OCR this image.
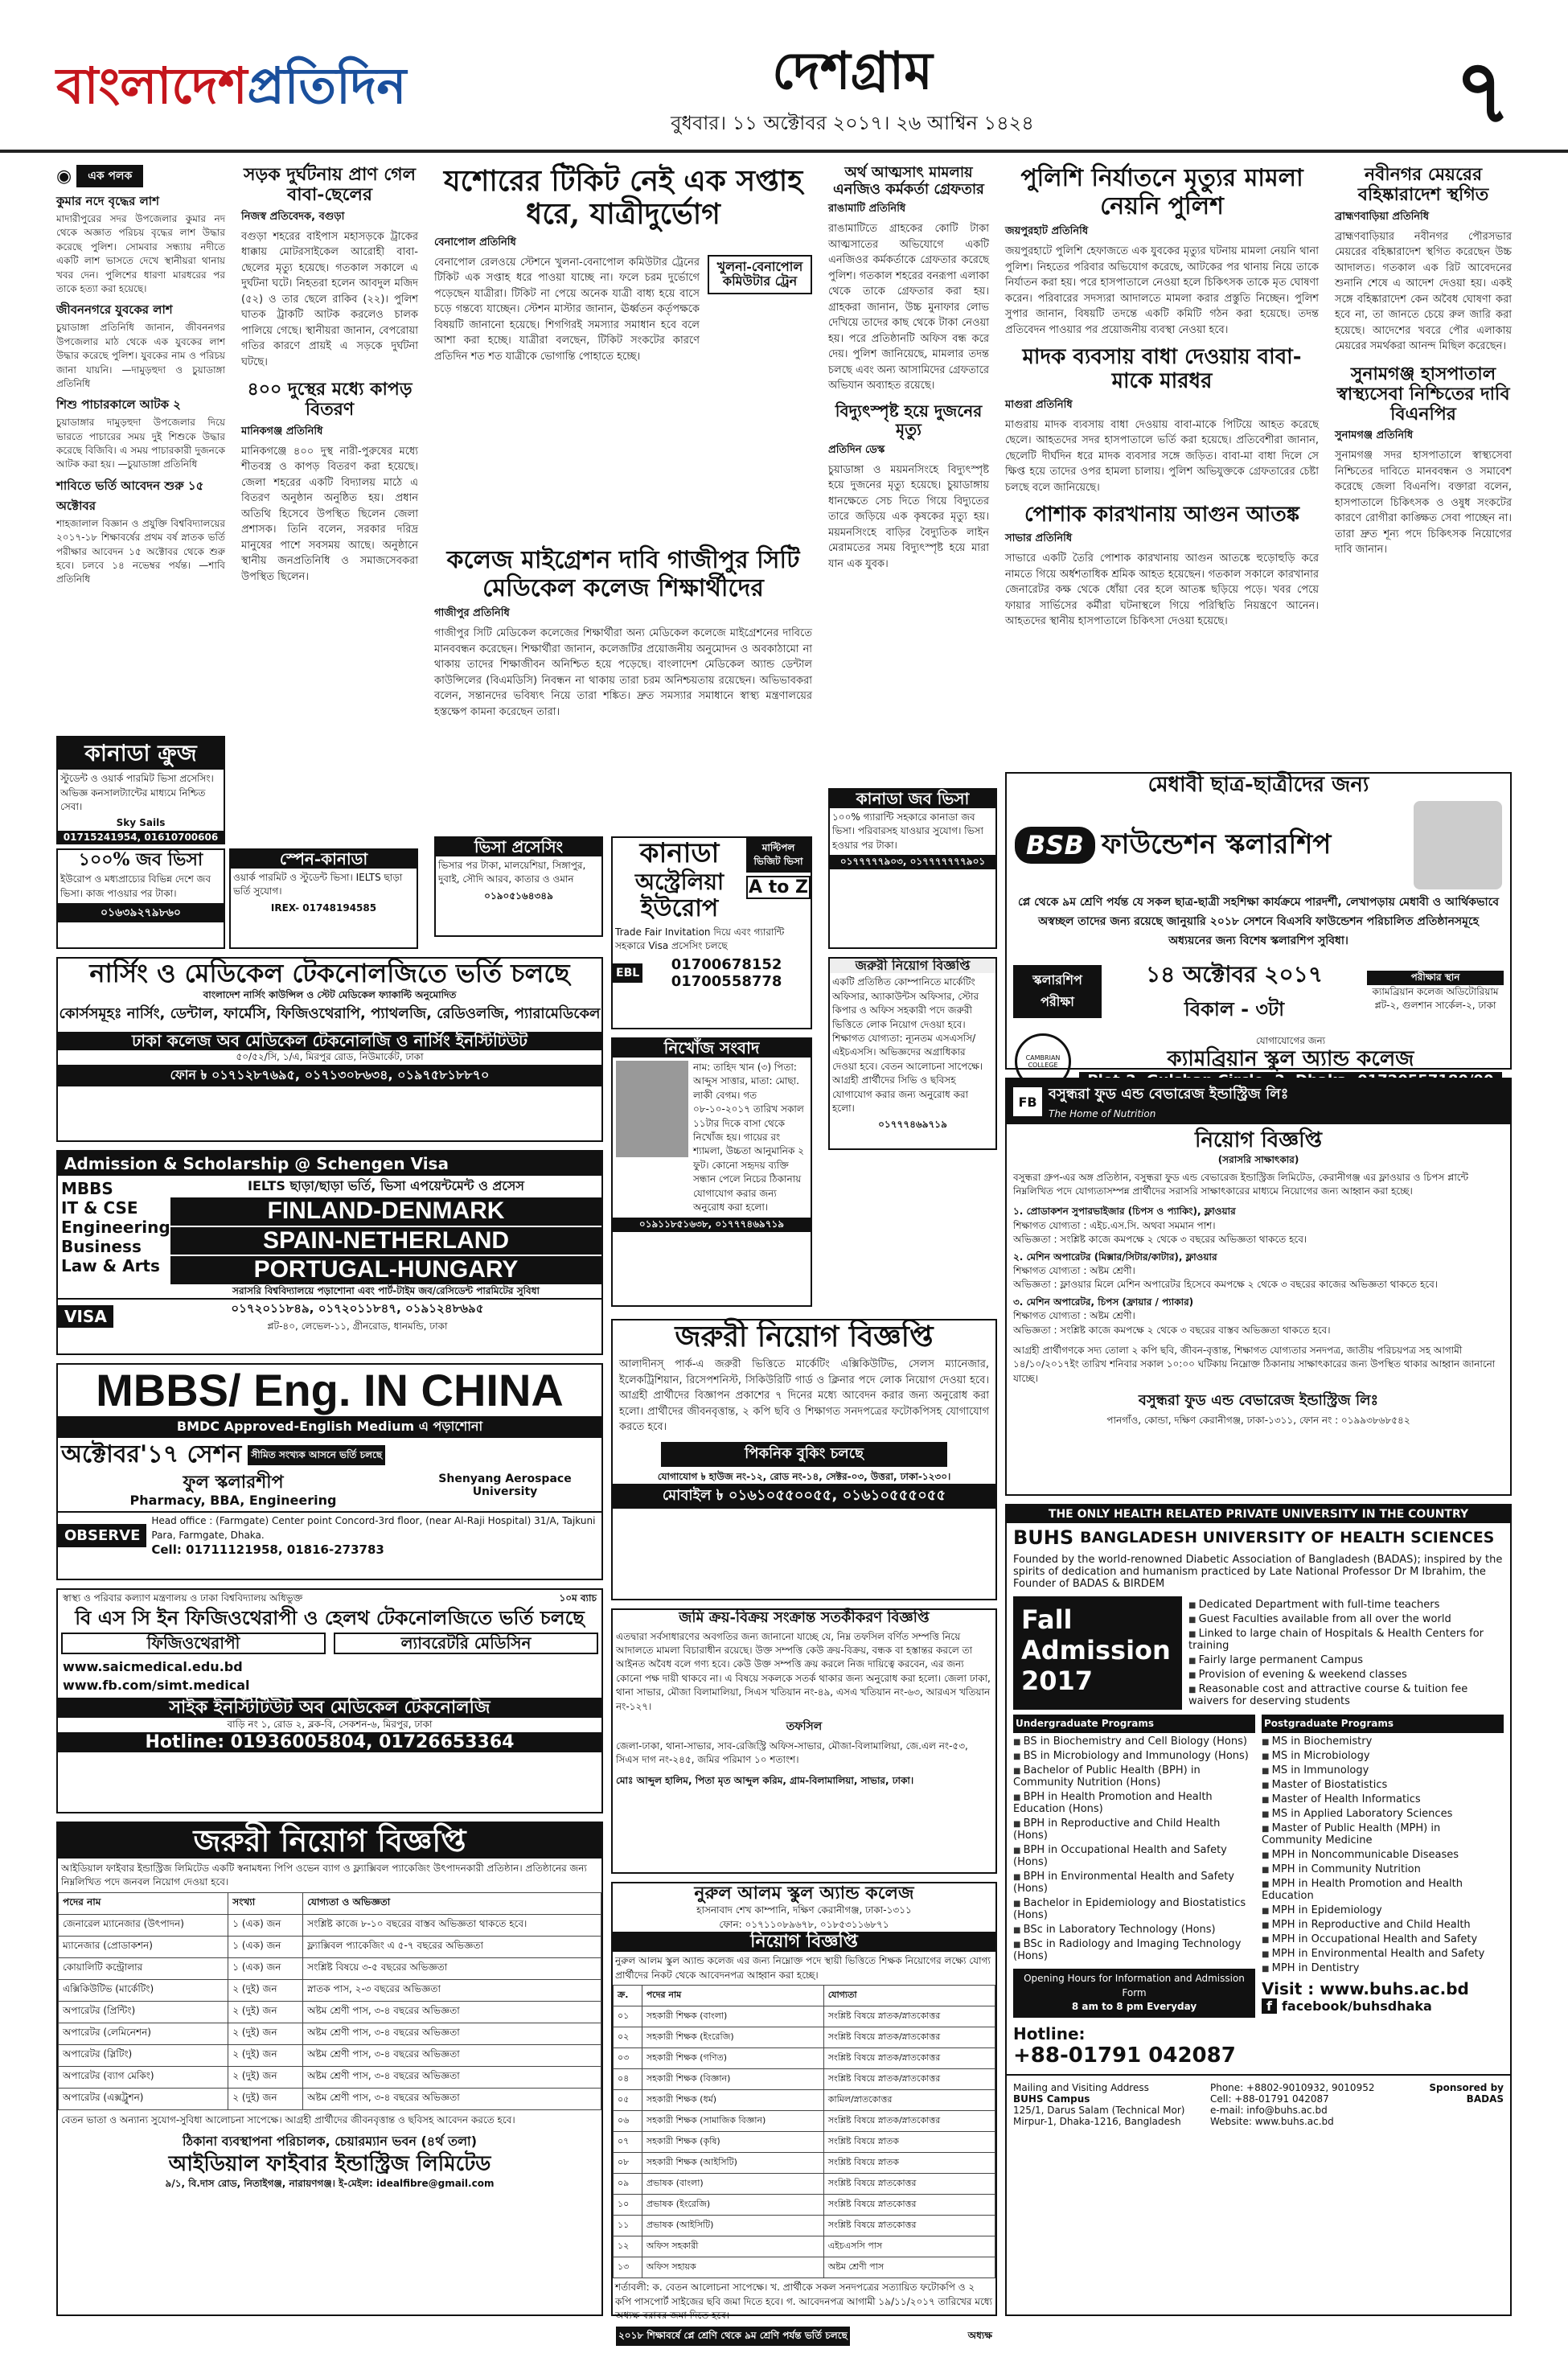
বাংলাদেশপ্রতিদিন	দেশগ্রাম
বুধবার। ১১ অক্টোবর ২০১৭। ২৬ আশ্বিন ১৪২৪	৭
◉	এক পলক
কুমার নদে বৃদ্ধের লাশ
মাদারীপুরের সদর উপজেলার কুমার নদ থেকে অজ্ঞাত পরিচয় বৃদ্ধের লাশ উদ্ধার করেছে পুলিশ। সোমবার সন্ধ্যায় নদীতে একটি লাশ ভাসতে দেখে স্থানীয়রা থানায় খবর দেন। পুলিশের ধারণা মারধরের পর তাকে হত্যা করা হয়েছে।
জীবননগরে যুবকের লাশ
চুয়াডাঙ্গা প্রতিনিধি জানান, জীবননগর উপজেলার মাঠ থেকে এক যুবকের লাশ উদ্ধার করেছে পুলিশ। যুবকের নাম ও পরিচয় জানা যায়নি। —দামুড়হুদা ও চুয়াডাঙ্গা প্রতিনিধি
শিশু পাচারকালে আটক ২
চুয়াডাঙ্গার দামুড়হুদা উপজেলার দিয়ে ভারতে পাচারের সময় দুই শিশুকে উদ্ধার করেছে বিজিবি। এ সময় পাচারকারী দুজনকে আটক করা হয়। —চুয়াডাঙ্গা প্রতিনিধি
শাবিতে ভর্তি আবেদন শুরু ১৫ অক্টোবর
শাহজালাল বিজ্ঞান ও প্রযুক্তি বিশ্ববিদ্যালয়ের ২০১৭-১৮ শিক্ষাবর্ষের প্রথম বর্ষ স্নাতক ভর্তি পরীক্ষার আবেদন ১৫ অক্টোবর থেকে শুরু হবে। চলবে ১৪ নভেম্বর পর্যন্ত। —শাবি প্রতিনিধি
সড়ক দুর্ঘটনায় প্রাণ গেল বাবা-ছেলের
নিজস্ব প্রতিবেদক, বগুড়া
বগুড়া শহরের বাইপাস মহাসড়কে ট্রাকের ধাক্কায় মোটরসাইকেল আরোহী বাবা-ছেলের মৃত্যু হয়েছে। গতকাল সকালে এ দুর্ঘটনা ঘটে। নিহতরা হলেন আবদুল মজিদ (৫২) ও তার ছেলে রাকিব (২২)। পুলিশ ঘাতক ট্রাকটি আটক করলেও চালক পালিয়ে গেছে। স্থানীয়রা জানান, বেপরোয়া গতির কারণে প্রায়ই এ সড়কে দুর্ঘটনা ঘটছে।
৪০০ দুস্থের মধ্যে কাপড় বিতরণ
মানিকগঞ্জ প্রতিনিধি
মানিকগঞ্জে ৪০০ দুস্থ নারী-পুরুষের মধ্যে শীতবস্ত্র ও কাপড় বিতরণ করা হয়েছে। জেলা শহরের একটি বিদ্যালয় মাঠে এ বিতরণ অনুষ্ঠান অনুষ্ঠিত হয়। প্রধান অতিথি হিসেবে উপস্থিত ছিলেন জেলা প্রশাসক। তিনি বলেন, সরকার দরিদ্র মানুষের পাশে সবসময় আছে। অনুষ্ঠানে স্থানীয় জনপ্রতিনিধি ও সমাজসেবকরা উপস্থিত ছিলেন।
যশোরের টিকিট নেই এক সপ্তাহ ধরে, যাত্রীদুর্ভোগ
বেনাপোল প্রতিনিধি
বেনাপোল রেলওয়ে স্টেশনে খুলনা-বেনাপোল কমিউটার ট্রেনের টিকিট এক সপ্তাহ ধরে পাওয়া যাচ্ছে না। ফলে চরম দুর্ভোগে পড়েছেন যাত্রীরা। টিকিট না পেয়ে অনেক যাত্রী বাধ্য হয়ে বাসে চড়ে গন্তব্যে যাচ্ছেন। স্টেশন মাস্টার জানান, ঊর্ধ্বতন কর্তৃপক্ষকে বিষয়টি জানানো হয়েছে। শিগগিরই সমস্যার সমাধান হবে বলে আশা করা হচ্ছে। যাত্রীরা বলছেন, টিকিট সংকটের কারণে প্রতিদিন শত শত যাত্রীকে ভোগান্তি পোহাতে হচ্ছে।
খুলনা-বেনাপোল কমিউটার ট্রেন
কলেজ মাইগ্রেশন দাবি গাজীপুর সিটি মেডিকেল কলেজ শিক্ষার্থীদের
গাজীপুর প্রতিনিধি
গাজীপুর সিটি মেডিকেল কলেজের শিক্ষার্থীরা অন্য মেডিকেল কলেজে মাইগ্রেশনের দাবিতে মানববন্ধন করেছেন। শিক্ষার্থীরা জানান, কলেজটির প্রয়োজনীয় অনুমোদন ও অবকাঠামো না থাকায় তাদের শিক্ষাজীবন অনিশ্চিত হয়ে পড়েছে। বাংলাদেশ মেডিকেল অ্যান্ড ডেন্টাল কাউন্সিলের (বিএমডিসি) নিবন্ধন না থাকায় তারা চরম অনিশ্চয়তায় রয়েছেন। অভিভাবকরা বলেন, সন্তানদের ভবিষ্যৎ নিয়ে তারা শঙ্কিত। দ্রুত সমস্যার সমাধানে স্বাস্থ্য মন্ত্রণালয়ের হস্তক্ষেপ কামনা করেছেন তারা।
অর্থ আত্মসাৎ মামলায় এনজিও কর্মকর্তা গ্রেফতার
রাঙামাটি প্রতিনিধি
রাঙামাটিতে গ্রাহকের কোটি টাকা আত্মসাতের অভিযোগে একটি এনজিওর কর্মকর্তাকে গ্রেফতার করেছে পুলিশ। গতকাল শহরের বনরূপা এলাকা থেকে তাকে গ্রেফতার করা হয়। গ্রাহকরা জানান, উচ্চ মুনাফার লোভ দেখিয়ে তাদের কাছ থেকে টাকা নেওয়া হয়। পরে প্রতিষ্ঠানটি অফিস বন্ধ করে দেয়। পুলিশ জানিয়েছে, মামলার তদন্ত চলছে এবং অন্য আসামিদের গ্রেফতারে অভিযান অব্যাহত রয়েছে।
বিদ্যুৎস্পৃষ্ট হয়ে দুজনের মৃত্যু
প্রতিদিন ডেস্ক
চুয়াডাঙ্গা ও ময়মনসিংহে বিদ্যুৎস্পৃষ্ট হয়ে দুজনের মৃত্যু হয়েছে। চুয়াডাঙ্গায় ধানক্ষেতে সেচ দিতে গিয়ে বিদ্যুতের তারে জড়িয়ে এক কৃষকের মৃত্যু হয়। ময়মনসিংহে বাড়ির বৈদ্যুতিক লাইন মেরামতের সময় বিদ্যুৎস্পৃষ্ট হয়ে মারা যান এক যুবক।
পুলিশি নির্যাতনে মৃত্যুর মামলা নেয়নি পুলিশ
জয়পুরহাট প্রতিনিধি
জয়পুরহাটে পুলিশি হেফাজতে এক যুবকের মৃত্যুর ঘটনায় মামলা নেয়নি থানা পুলিশ। নিহতের পরিবার অভিযোগ করেছে, আটকের পর থানায় নিয়ে তাকে নির্যাতন করা হয়। পরে হাসপাতালে নেওয়া হলে চিকিৎসক তাকে মৃত ঘোষণা করেন। পরিবারের সদস্যরা আদালতে মামলা করার প্রস্তুতি নিচ্ছেন। পুলিশ সুপার জানান, বিষয়টি তদন্তে একটি কমিটি গঠন করা হয়েছে। তদন্ত প্রতিবেদন পাওয়ার পর প্রয়োজনীয় ব্যবস্থা নেওয়া হবে।
মাদক ব্যবসায় বাধা দেওয়ায় বাবা-মাকে মারধর
মাগুরা প্রতিনিধি
মাগুরায় মাদক ব্যবসায় বাধা দেওয়ায় বাবা-মাকে পিটিয়ে আহত করেছে ছেলে। আহতদের সদর হাসপাতালে ভর্তি করা হয়েছে। প্রতিবেশীরা জানান, ছেলেটি দীর্ঘদিন ধরে মাদক ব্যবসার সঙ্গে জড়িত। বাবা-মা বাধা দিলে সে ক্ষিপ্ত হয়ে তাদের ওপর হামলা চালায়। পুলিশ অভিযুক্তকে গ্রেফতারের চেষ্টা চলছে বলে জানিয়েছে।
পোশাক কারখানায় আগুন আতঙ্ক
সাভার প্রতিনিধি
সাভারে একটি তৈরি পোশাক কারখানায় আগুন আতঙ্কে হুড়োহুড়ি করে নামতে গিয়ে অর্ধশতাধিক শ্রমিক আহত হয়েছেন। গতকাল সকালে কারখানার জেনারেটর কক্ষ থেকে ধোঁয়া বের হলে আতঙ্ক ছড়িয়ে পড়ে। খবর পেয়ে ফায়ার সার্ভিসের কর্মীরা ঘটনাস্থলে গিয়ে পরিস্থিতি নিয়ন্ত্রণে আনেন। আহতদের স্থানীয় হাসপাতালে চিকিৎসা দেওয়া হয়েছে।
নবীনগর মেয়রের বহিষ্কারাদেশ স্থগিত
ব্রাহ্মণবাড়িয়া প্রতিনিধি
ব্রাহ্মণবাড়িয়ার নবীনগর পৌরসভার মেয়রের বহিষ্কারাদেশ স্থগিত করেছেন উচ্চ আদালত। গতকাল এক রিট আবেদনের শুনানি শেষে এ আদেশ দেওয়া হয়। একই সঙ্গে বহিষ্কারাদেশ কেন অবৈধ ঘোষণা করা হবে না, তা জানতে চেয়ে রুল জারি করা হয়েছে। আদেশের খবরে পৌর এলাকায় মেয়রের সমর্থকরা আনন্দ মিছিল করেছেন।
সুনামগঞ্জ হাসপাতাল স্বাস্থ্যসেবা নিশ্চিতের দাবি বিএনপির
সুনামগঞ্জ প্রতিনিধি
সুনামগঞ্জ সদর হাসপাতালে স্বাস্থ্যসেবা নিশ্চিতের দাবিতে মানববন্ধন ও সমাবেশ করেছে জেলা বিএনপি। বক্তারা বলেন, হাসপাতালে চিকিৎসক ও ওষুধ সংকটের কারণে রোগীরা কাঙ্ক্ষিত সেবা পাচ্ছেন না। তারা দ্রুত শূন্য পদে চিকিৎসক নিয়োগের দাবি জানান।
কানাডা ক্রুজ
স্টুডেন্ট ও ওয়ার্ক পারমিট ভিসা প্রসেসিং। অভিজ্ঞ কনসালট্যান্টের মাধ্যমে নিশ্চিত সেবা।
Sky Sails
01715241954, 01610700606
১০০% জব ভিসা
ইউরোপ ও মধ্যপ্রাচ্যের বিভিন্ন দেশে জব ভিসা। কাজ পাওয়ার পর টাকা।
০১৬৩৯২৭৯৮৬০
স্পেন-কানাডা
ওয়ার্ক পারমিট ও স্টুডেন্ট ভিসা। IELTS ছাড়া ভর্তি সুযোগ।
IREX- 01748194585
ভিসা প্রসেসিং
ভিসার পর টাকা, মালয়েশিয়া, সিঙ্গাপুর, দুবাই, সৌদি আরব, কাতার ও ওমান
০১৯০৫১৬৪৩৪৯
কানাডা
অস্ট্রেলিয়া
ইউরোপ
মাল্টিপল ভিজিট ভিসা
A to Z
Trade Fair Invitation দিয়ে এবং গ্যারান্টি সহকারে Visa প্রসেসিং চলছে
EBL	01700678152
01700558778
কানাডা জব ভিসা
১০০% গ্যারান্টি সহকারে কানাডা জব ভিসা। পরিবারসহ যাওয়ার সুযোগ। ভিসা হওয়ার পর টাকা।
০১৭৭৭৭৭৯০৩, ০১৭৭৭৭৭৭৭৯০১
জরুরী নিয়োগ বিজ্ঞপ্তি
একটি প্রতিষ্ঠিত কোম্পানিতে মার্কেটিং অফিসার, অ্যাকাউন্টস অফিসার, স্টোর কিপার ও অফিস সহকারী পদে জরুরী ভিত্তিতে লোক নিয়োগ দেওয়া হবে। শিক্ষাগত যোগ্যতা: ন্যূনতম এসএসসি/এইচএসসি। অভিজ্ঞদের অগ্রাধিকার দেওয়া হবে। বেতন আলোচনা সাপেক্ষে। আগ্রহী প্রার্থীদের সিভি ও ছবিসহ যোগাযোগ করার জন্য অনুরোধ করা হলো।
০১৭৭৭৪৬৯৭১৯
নিখোঁজ সংবাদ
নাম: তাহিদ খান (৩) পিতা: আব্দুস সাত্তার, মাতা: মোছা. লাকী বেগম। গত ০৮-১০-২০১৭ তারিখ সকাল ১১টার দিকে বাসা থেকে নিখোঁজ হয়। গায়ের রং শ্যামলা, উচ্চতা আনুমানিক ২ ফুট। কোনো সহৃদয় ব্যক্তি সন্ধান পেলে নিচের ঠিকানায় যোগাযোগ করার জন্য অনুরোধ করা হলো।
০১৯১১৮৫১৬৩৮, ০১৭৭৭৪৬৯৭১৯
নার্সিং ও মেডিকেল টেকনোলজিতে ভর্তি চলছে
বাংলাদেশ নার্সিং কাউন্সিল ও স্টেট মেডিকেল ফ্যাকাল্টি অনুমোদিত
কোর্সসমূহঃ নার্সিং, ডেন্টাল, ফার্মেসি, ফিজিওথেরাপি, প্যাথলজি, রেডিওলজি, প্যারামেডিকেল
ঢাকা কলেজ অব মেডিকেল টেকনোলজি ও নার্সিং ইনস্টিটিউট
৫০/৫২/সি, ১/এ, মিরপুর রোড, নিউমার্কেট, ঢাকা
ফোন ৳ ০১৭১২৮৭৬৯৫, ০১৭১৩০৮৬৩৪, ০১৯৭৫৮১৮৮৭০
Admission & Scholarship @ Schengen Visa
MBBS
IT & CSE
Engineering
Business
Law & Arts
IELTS ছাড়া/ছাড়া ভর্তি, ভিসা এপয়েন্টমেন্ট ও প্রসেস
FINLAND-DENMARK
SPAIN-NETHERLAND
PORTUGAL-HUNGARY
সরাসরি বিশ্ববিদ্যালয়ে পড়াশোনা এবং পার্ট-টাইম জব/রেসিডেন্ট পারমিটের সুবিধা
VISA	০১৭২০১১৮৪৯, ০১৭২০১১৮৪৭, ০১৯১২৪৮৬৯৫
প্লট-৪০, লেভেল-১১, গ্রীনরোড, ধানমন্ডি, ঢাকা
MBBS/ Eng. IN CHINA
BMDC Approved-English Medium এ পড়াশোনা
অক্টোবর'১৭ সেশন	সীমিত সংখ্যক আসনে ভর্তি চলছে
ফুল স্কলারশীপ
Pharmacy, BBA, Engineering
Shenyang Aerospace University
OBSERVE
Head office : (Farmgate) Center point Concord-3rd floor, (near Al-Raji Hospital) 31/A, Tajkuni Para, Farmgate, Dhaka.
Cell: 01711121958, 01816-273783
স্বাস্থ্য ও পরিবার কল্যাণ মন্ত্রণালয় ও ঢাকা বিশ্ববিদ্যালয় অধিভুক্ত	১০ম ব্যাচ
বি এস সি ইন ফিজিওথেরাপী ও হেলথ টেকনোলজিতে ভর্তি চলছে
ফিজিওথেরাপী	ল্যাবরেটরি মেডিসিন
www.saicmedical.edu.bd
www.fb.com/simt.medical
সাইক ইনস্টিটিউট অব মেডিকেল টেকনোলজি
বাড়ি নং ১, রোড ২, ব্লক-বি, সেকশন-৬, মিরপুর, ঢাকা
Hotline: 01936005804, 01726653364
জরুরী নিয়োগ বিজ্ঞপ্তি
আইডিয়াল ফাইবার ইন্ডাস্ট্রিজ লিমিটেড একটি স্বনামধন্য পিপি ওভেন ব্যাগ ও ফ্ল্যাক্সিবল প্যাকেজিং উৎপাদনকারী প্রতিষ্ঠান। প্রতিষ্ঠানের জন্য নিম্নলিখিত পদে জনবল নিয়োগ দেওয়া হবে।
পদের নাম	সংখ্যা	যোগ্যতা ও অভিজ্ঞতা
জেনারেল ম্যানেজার (উৎপাদন)	১ (এক) জন	সংশ্লিষ্ট কাজে ৮-১০ বছরের বাস্তব অভিজ্ঞতা থাকতে হবে।
ম্যানেজার (প্রোডাকশন)	১ (এক) জন	ফ্ল্যাক্সিবল প্যাকেজিং এ ৫-৭ বছরের অভিজ্ঞতা
কোয়ালিটি কন্ট্রোলার	১ (এক) জন	সংশ্লিষ্ট বিষয়ে ৩-৫ বছরের অভিজ্ঞতা
এক্সিকিউটিভ (মার্কেটিং)	২ (দুই) জন	স্নাতক পাস, ২-৩ বছরের অভিজ্ঞতা
অপারেটর (প্রিন্টিং)	২ (দুই) জন	অষ্টম শ্রেণী পাস, ৩-৪ বছরের অভিজ্ঞতা
অপারেটর (লেমিনেশন)	২ (দুই) জন	অষ্টম শ্রেণী পাস, ৩-৪ বছরের অভিজ্ঞতা
অপারেটর (স্লিটিং)	২ (দুই) জন	অষ্টম শ্রেণী পাস, ৩-৪ বছরের অভিজ্ঞতা
অপারেটর (ব্যাগ মেকিং)	২ (দুই) জন	অষ্টম শ্রেণী পাস, ৩-৪ বছরের অভিজ্ঞতা
অপারেটর (এক্সট্রুশন)	২ (দুই) জন	অষ্টম শ্রেণী পাস, ৩-৪ বছরের অভিজ্ঞতা
বেতন ভাতা ও অন্যান্য সুযোগ-সুবিধা আলোচনা সাপেক্ষে। আগ্রহী প্রার্থীদের জীবনবৃত্তান্ত ও ছবিসহ আবেদন করতে হবে।
ঠিকানা ব্যবস্থাপনা পরিচালক, চেয়ারম্যান ভবন (৪র্থ তলা)
আইডিয়াল ফাইবার ইন্ডাস্ট্রিজ লিমিটেড
৯/১, বি.দাস রোড, নিতাইগঞ্জ, নারায়ণগঞ্জ। ই-মেইল: idealfibre@gmail.com
জরুরী নিয়োগ বিজ্ঞপ্তি
আলাদীনস্ পার্ক-এ জরুরী ভিত্তিতে মার্কেটিং এক্সিকিউটিভ, সেলস ম্যানেজার, ইলেকট্রিশিয়ান, রিসেপশনিস্ট, সিকিউরিটি গার্ড ও ক্লিনার পদে লোক নিয়োগ দেওয়া হবে। আগ্রহী প্রার্থীদের বিজ্ঞাপন প্রকাশের ৭ দিনের মধ্যে আবেদন করার জন্য অনুরোধ করা হলো। প্রার্থীদের জীবনবৃত্তান্ত, ২ কপি ছবি ও শিক্ষাগত সনদপত্রের ফটোকপিসহ যোগাযোগ করতে হবে।
পিকনিক বুকিং চলছে
যোগাযোগ ৳ হাউজ নং-১২, রোড নং-১৪, সেক্টর-০৩, উত্তরা, ঢাকা-১২৩০।
মোবাইল ৳ ০১৬১০৫৫০০৫৫, ০১৬১০৫৫৫০৫৫
জমি ক্রয়-বিক্রয় সংক্রান্ত সতর্কীকরণ বিজ্ঞপ্তি
এতদ্বারা সর্বসাধারণের অবগতির জন্য জানানো যাচ্ছে যে, নিম্ন তফসিল বর্ণিত সম্পত্তি নিয়ে আদালতে মামলা বিচারাধীন রয়েছে। উক্ত সম্পত্তি কেউ ক্রয়-বিক্রয়, বন্ধক বা হস্তান্তর করলে তা আইনত অবৈধ বলে গণ্য হবে। কেউ উক্ত সম্পত্তি ক্রয় করলে নিজ দায়িত্বে করবেন, এর জন্য কোনো পক্ষ দায়ী থাকবে না। এ বিষয়ে সকলকে সতর্ক থাকার জন্য অনুরোধ করা হলো। জেলা ঢাকা, থানা সাভার, মৌজা বিলামালিয়া, সিএস খতিয়ান নং-৪৯, এসএ খতিয়ান নং-৬৩, আরএস খতিয়ান নং-১২৭।
তফসিল
জেলা-ঢাকা, থানা-সাভার, সাব-রেজিস্ট্রি অফিস-সাভার, মৌজা-বিলামালিয়া, জে.এল নং-৫৩, সিএস দাগ নং-২৪৫, জমির পরিমাণ ১০ শতাংশ।
মোঃ আব্দুল হালিম, পিতা মৃত আব্দুল করিম, গ্রাম-বিলামালিয়া, সাভার, ঢাকা।
নুরুল আলম স্কুল অ্যান্ড কলেজ
হাসনাবাদ শেখ কাম্পানি, দক্ষিণ কেরানীগঞ্জ, ঢাকা-১৩১১
ফোন: ০১৭১১০৮৯৬৭৮, ০১৮৫৩১১৬৮৭১
নিয়োগ বিজ্ঞপ্তি
নুরুল আলম স্কুল অ্যান্ড কলেজ এর জন্য নিম্নোক্ত পদে স্থায়ী ভিত্তিতে শিক্ষক নিয়োগের লক্ষ্যে যোগ্য প্রার্থীদের নিকট থেকে আবেদনপত্র আহ্বান করা হচ্ছে।
ক্র.	পদের নাম	যোগ্যতা
০১	সহকারী শিক্ষক (বাংলা)	সংশ্লিষ্ট বিষয়ে স্নাতক/স্নাতকোত্তর
০২	সহকারী শিক্ষক (ইংরেজি)	সংশ্লিষ্ট বিষয়ে স্নাতক/স্নাতকোত্তর
০৩	সহকারী শিক্ষক (গণিত)	সংশ্লিষ্ট বিষয়ে স্নাতক/স্নাতকোত্তর
০৪	সহকারী শিক্ষক (বিজ্ঞান)	সংশ্লিষ্ট বিষয়ে স্নাতক/স্নাতকোত্তর
০৫	সহকারী শিক্ষক (ধর্ম)	কামিল/স্নাতকোত্তর
০৬	সহকারী শিক্ষক (সামাজিক বিজ্ঞান)	সংশ্লিষ্ট বিষয়ে স্নাতক/স্নাতকোত্তর
০৭	সহকারী শিক্ষক (কৃষি)	সংশ্লিষ্ট বিষয়ে স্নাতক
০৮	সহকারী শিক্ষক (আইসিটি)	সংশ্লিষ্ট বিষয়ে স্নাতক
০৯	প্রভাষক (বাংলা)	সংশ্লিষ্ট বিষয়ে স্নাতকোত্তর
১০	প্রভাষক (ইংরেজি)	সংশ্লিষ্ট বিষয়ে স্নাতকোত্তর
১১	প্রভাষক (আইসিটি)	সংশ্লিষ্ট বিষয়ে স্নাতকোত্তর
১২	অফিস সহকারী	এইচএসসি পাস
১৩	অফিস সহায়ক	অষ্টম শ্রেণী পাস
শর্তাবলী: ক. বেতন আলোচনা সাপেক্ষে। খ. প্রার্থীকে সকল সনদপত্রের সত্যায়িত ফটোকপি ও ২ কপি পাসপোর্ট সাইজের ছবি জমা দিতে হবে। গ. আবেদনপত্র আগামী ১৯/১১/২০১৭ তারিখের মধ্যে অধ্যক্ষ বরাবর জমা দিতে হবে।
২০১৮ শিক্ষাবর্ষে প্লে শ্রেণি থেকে ৯ম শ্রেণি পর্যন্ত ভর্তি চলছে	অধ্যক্ষ
মেধাবী ছাত্র-ছাত্রীদের জন্য
BSB ফাউন্ডেশন স্কলারশিপ
প্লে থেকে ৯ম শ্রেণি পর্যন্ত যে সকল ছাত্র-ছাত্রী সহশিক্ষা কার্যক্রমে পারদর্শী, লেখাপড়ায় মেধাবী ও আর্থিকভাবে অস্বচ্ছল তাদের জন্য রয়েছে জানুয়ারি ২০১৮ সেশনে বিএসবি ফাউন্ডেশন পরিচালিত প্রতিষ্ঠানসমূহে অধ্যয়নের জন্য বিশেষ স্কলারশিপ সুবিধা।
স্কলারশিপ পরীক্ষা
১৪ অক্টোবর ২০১৭
বিকাল - ৩টা
পরীক্ষার স্থান
ক্যামব্রিয়ান কলেজ অডিটোরিয়াম প্লট-২, গুলশান সার্কেল-২, ঢাকা
CAMBRIAN COLLEGE
যোগাযোগের জন্য
ক্যামব্রিয়ান স্কুল অ্যান্ড কলেজ
FB বসুন্ধরা ফুড এন্ড বেভারেজ ইন্ডাস্ট্রিজ লিঃ
The Home of Nutrition
নিয়োগ বিজ্ঞপ্তি
(সরাসরি সাক্ষাৎকার)
বসুন্ধরা গ্রুপ-এর অঙ্গ প্রতিষ্ঠান, বসুন্ধরা ফুড এন্ড বেভারেজ ইন্ডাস্ট্রিজ লিমিটেড, কেরানীগঞ্জ এর ফ্লাওয়ার ও চিপস প্লান্টে নিম্নলিখিত পদে যোগ্যতাসম্পন্ন প্রার্থীদের সরাসরি সাক্ষাৎকারের মাধ্যমে নিয়োগের জন্য আহ্বান করা হচ্ছে।
১. প্রোডাকশন সুপারভাইজার (চিপস ও প্যাকিং), ফ্লাওয়ার
শিক্ষাগত যোগ্যতা : এইচ.এস.সি. অথবা সমমান পাশ।
অভিজ্ঞতা : সংশ্লিষ্ট কাজে কমপক্ষে ২ থেকে ৩ বছরের অভিজ্ঞতা থাকতে হবে।
২. মেশিন অপারেটর (মিক্সার/সিটার/কাটার), ফ্লাওয়ার
শিক্ষাগত যোগ্যতা : অষ্টম শ্রেণী।
অভিজ্ঞতা : ফ্লাওয়ার মিলে মেশিন অপারেটর হিসেবে কমপক্ষে ২ থেকে ৩ বছরের কাজের অভিজ্ঞতা থাকতে হবে।
৩. মেশিন অপারেটর, চিপস (ফ্রায়ার / প্যাকার)
শিক্ষাগত যোগ্যতা : অষ্টম শ্রেণী।
অভিজ্ঞতা : সংশ্লিষ্ট কাজে কমপক্ষে ২ থেকে ৩ বছরের বাস্তব অভিজ্ঞতা থাকতে হবে।
আগ্রহী প্রার্থীগণকে সদ্য তোলা ২ কপি ছবি, জীবন-বৃত্তান্ত, শিক্ষাগত যোগ্যতার সনদপত্র, জাতীয় পরিচয়পত্র সহ আগামী ১৪/১০/২০১৭ইং তারিখ শনিবার সকাল ১০:০০ ঘটিকায় নিম্নোক্ত ঠিকানায় সাক্ষাৎকারের জন্য উপস্থিত থাকার আহ্বান জানানো যাচ্ছে।
বসুন্ধরা ফুড এন্ড বেভারেজ ইন্ডাস্ট্রিজ লিঃ
পানগাঁও, কোন্ডা, দক্ষিণ কেরানীগঞ্জ, ঢাকা-১৩১১, ফোন নং : ০১৯৯৩৮৬৮৫৪২
THE ONLY HEALTH RELATED PRIVATE UNIVERSITY IN THE COUNTRY
BUHS BANGLADESH UNIVERSITY OF HEALTH SCIENCES
Founded by the world-renowned Diabetic Association of Bangladesh (BADAS); inspired by the spirits of dedication and humanism practiced by Late National Professor Dr M Ibrahim, the Founder of BADAS & BIRDEM
Fall Admission 2017
■ Dedicated Department with full-time teachers
■ Guest Faculties available from all over the world
■ Linked to large chain of Hospitals & Health Centers for training
■ Fairly large permanent Campus
■ Provision of evening & weekend classes
■ Reasonable cost and attractive course & tuition fee waivers for deserving students
Undergraduate Programs
■ BS in Biochemistry and Cell Biology (Hons)
■ BS in Microbiology and Immunology (Hons)
■ Bachelor of Public Health (BPH) in Community Nutrition (Hons)
■ BPH in Health Promotion and Health Education (Hons)
■ BPH in Reproductive and Child Health (Hons)
■ BPH in Occupational Health and Safety (Hons)
■ BPH in Environmental Health and Safety (Hons)
■ Bachelor in Epidemiology and Biostatistics (Hons)
■ BSc in Laboratory Technology (Hons)
■ BSc in Radiology and Imaging Technology (Hons)
Opening Hours for Information and Admission Form
8 am to 8 pm Everyday
Hotline:
+88-01791 042087
Postgraduate Programs
■ MS in Biochemistry
■ MS in Microbiology
■ MS in Immunology
■ Master of Biostatistics
■ Master of Health Informatics
■ MS in Applied Laboratory Sciences
■ Master of Public Health (MPH) in Community Medicine
■ MPH in Noncommunicable Diseases
■ MPH in Community Nutrition
■ MPH in Health Promotion and Health Education
■ MPH in Epidemiology
■ MPH in Reproductive and Child Health
■ MPH in Occupational Health and Safety
■ MPH in Environmental Health and Safety
■ MPH in Dentistry
Visit : www.buhs.ac.bd
f facebook/buhsdhaka
Mailing and Visiting Address
BUHS Campus
125/1, Darus Salam (Technical Mor)
Mirpur-1, Dhaka-1216, Bangladesh
Phone: +8802-9010932, 9010952
Cell: +88-01791 042087
e-mail: info@buhs.ac.bd
Website: www.buhs.ac.bd
Sponsored by BADAS
